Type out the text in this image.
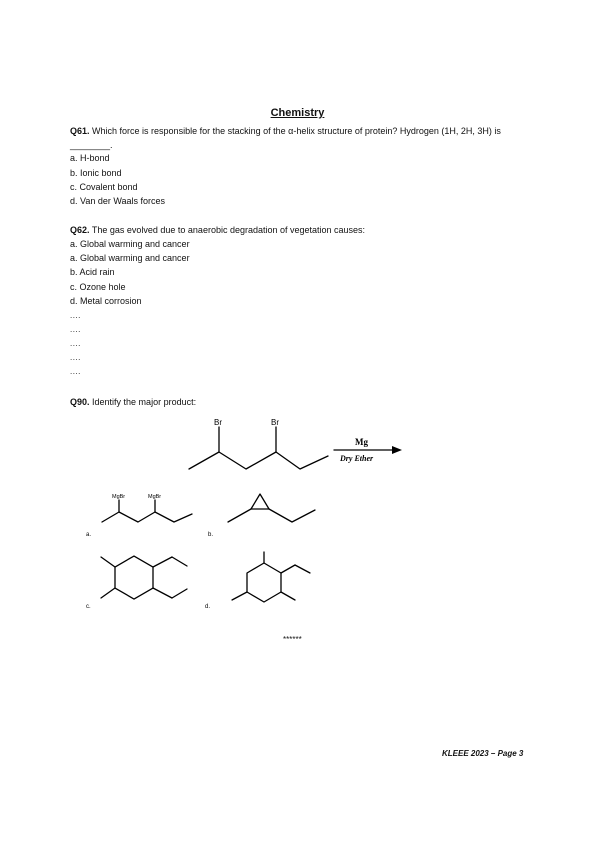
Chemistry
Q61. Which force is responsible for the stacking of the α-helix structure of protein? Hydrogen (1H, 2H, 3H) is ________.
a. H-bond
b. Ionic bond
c. Covalent bond
d. Van der Waals forces
Q62. The gas evolved due to anaerobic degradation of vegetation causes:
a. Global warming and cancer
a. Global warming and cancer
b. Acid rain
c. Ozone hole
d. Metal corrosion
....
....
....
....
....
Q90. Identify the major product:
Br	Br
MgBr	MgBr
a.	b.
c.	d.
Mg
Dry Ether
******
KLEEE 2023 – Page 3
